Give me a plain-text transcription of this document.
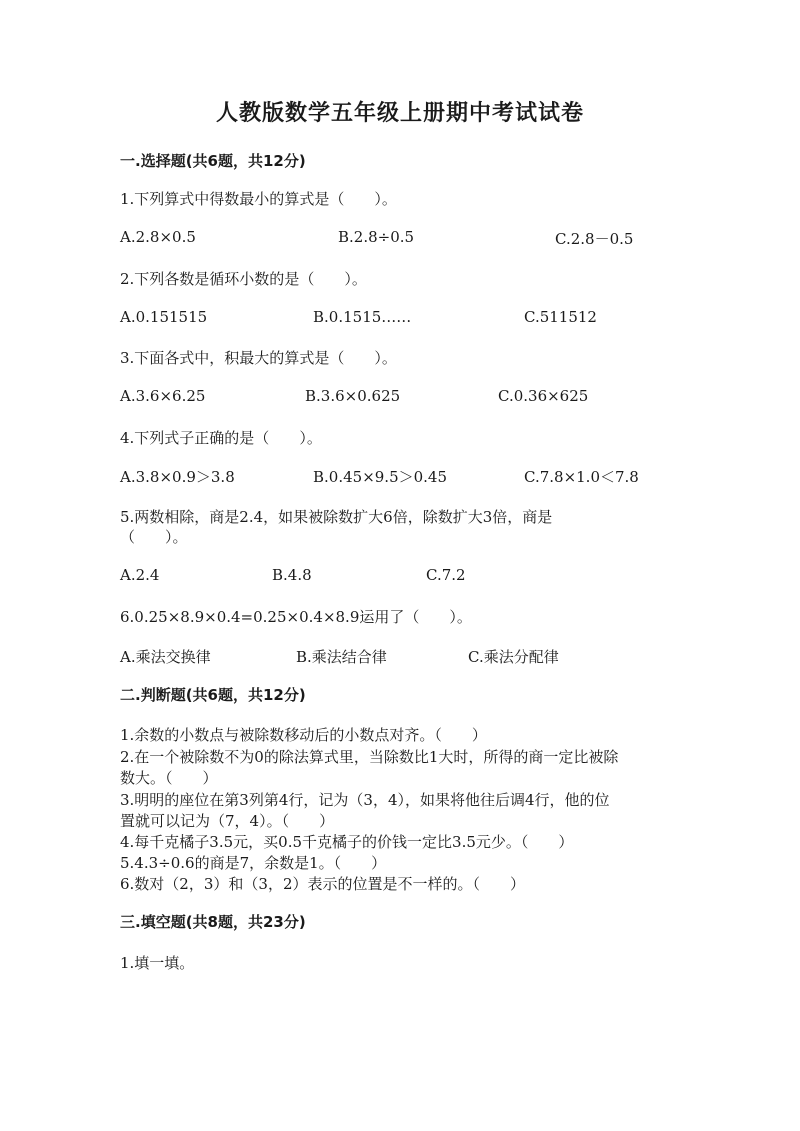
人教版数学五年级上册期中考试试卷
一.选择题(共6题，共12分)
1.下列算式中得数最小的算式是（　　）。
A.2.8×0.5	B.2.8÷0.5	C.2.8－0.5
2.下列各数是循环小数的是（　　）。
A.0.151515	B.0.1515……	C.511512
3.下面各式中，积最大的算式是（　　）。
A.3.6×6.25	B.3.6×0.625	C.0.36×625
4.下列式子正确的是（　　）。
A.3.8×0.9＞3.8	B.0.45×9.5＞0.45	C.7.8×1.0＜7.8
5.两数相除，商是2.4，如果被除数扩大6倍，除数扩大3倍，商是
（　　）。
A.2.4	B.4.8	C.7.2
6.0.25×8.9×0.4=0.25×0.4×8.9运用了（　　）。
A.乘法交换律	B.乘法结合律	C.乘法分配律
二.判断题(共6题，共12分)
1.余数的小数点与被除数移动后的小数点对齐。（　　）
2.在一个被除数不为0的除法算式里，当除数比1大时，所得的商一定比被除
数大。（　　）
3.明明的座位在第3列第4行，记为（3，4），如果将他往后调4行，他的位
置就可以记为（7，4）。（　　）
4.每千克橘子3.5元，买0.5千克橘子的价钱一定比3.5元少。（　　）
5.4.3÷0.6的商是7，余数是1。（　　）
6.数对（2，3）和（3，2）表示的位置是不一样的。（　　）
三.填空题(共8题，共23分)
1.填一填。
